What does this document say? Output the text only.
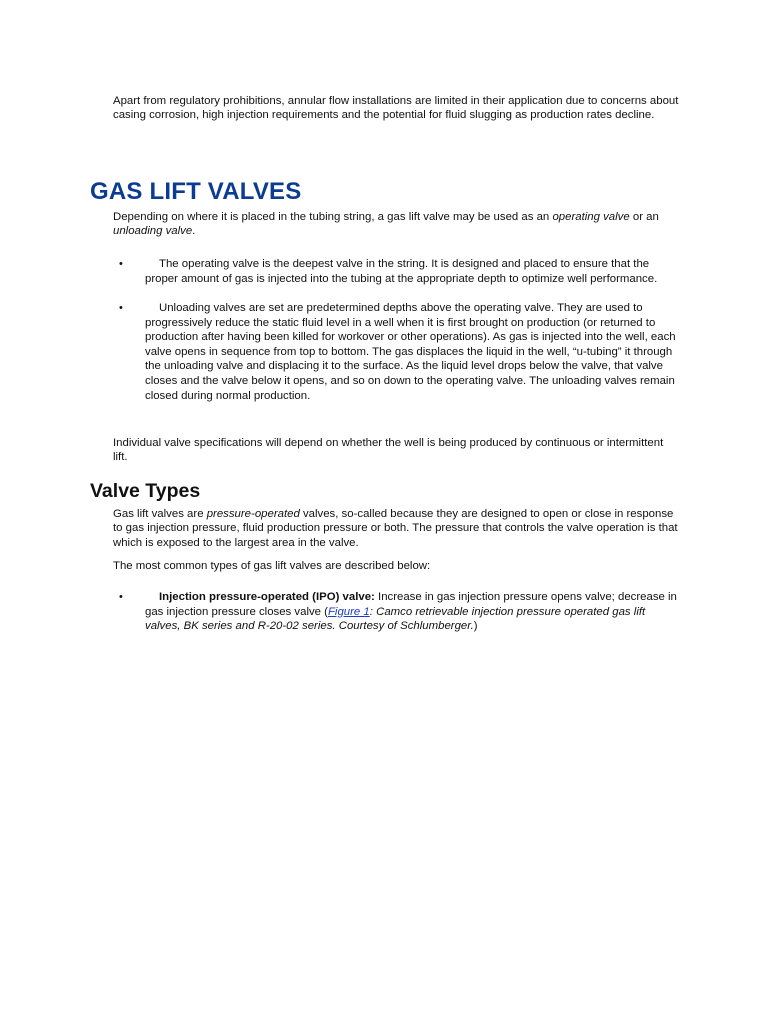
Apart from regulatory prohibitions, annular flow installations are limited in their application due to concerns about casing corrosion, high injection requirements and the potential for fluid slugging as production rates decline.

GAS LIFT VALVES

Depending on where it is placed in the tubing string, a gas lift valve may be used as an operating valve or an unloading valve.

•	The operating valve is the deepest valve in the string. It is designed and placed to ensure that the proper amount of gas is injected into the tubing at the appropriate depth to optimize well performance.

•	Unloading valves are set are predetermined depths above the operating valve. They are used to progressively reduce the static fluid level in a well when it is first brought on production (or returned to production after having been killed for workover or other operations). As gas is injected into the well, each valve opens in sequence from top to bottom. The gas displaces the liquid in the well, “u-tubing” it through the unloading valve and displacing it to the surface. As the liquid level drops below the valve, that valve closes and the valve below it opens, and so on down to the operating valve. The unloading valves remain closed during normal production.

Individual valve specifications will depend on whether the well is being produced by continuous or intermittent lift.

Valve Types

Gas lift valves are pressure-operated valves, so-called because they are designed to open or close in response to gas injection pressure, fluid production pressure or both. The pressure that controls the valve operation is that which is exposed to the largest area in the valve.

The most common types of gas lift valves are described below:

•	Injection pressure-operated (IPO) valve: Increase in gas injection pressure opens valve; decrease in gas injection pressure closes valve (Figure 1: Camco retrievable injection pressure operated gas lift valves, BK series and R-20-02 series. Courtesy of Schlumberger.)
